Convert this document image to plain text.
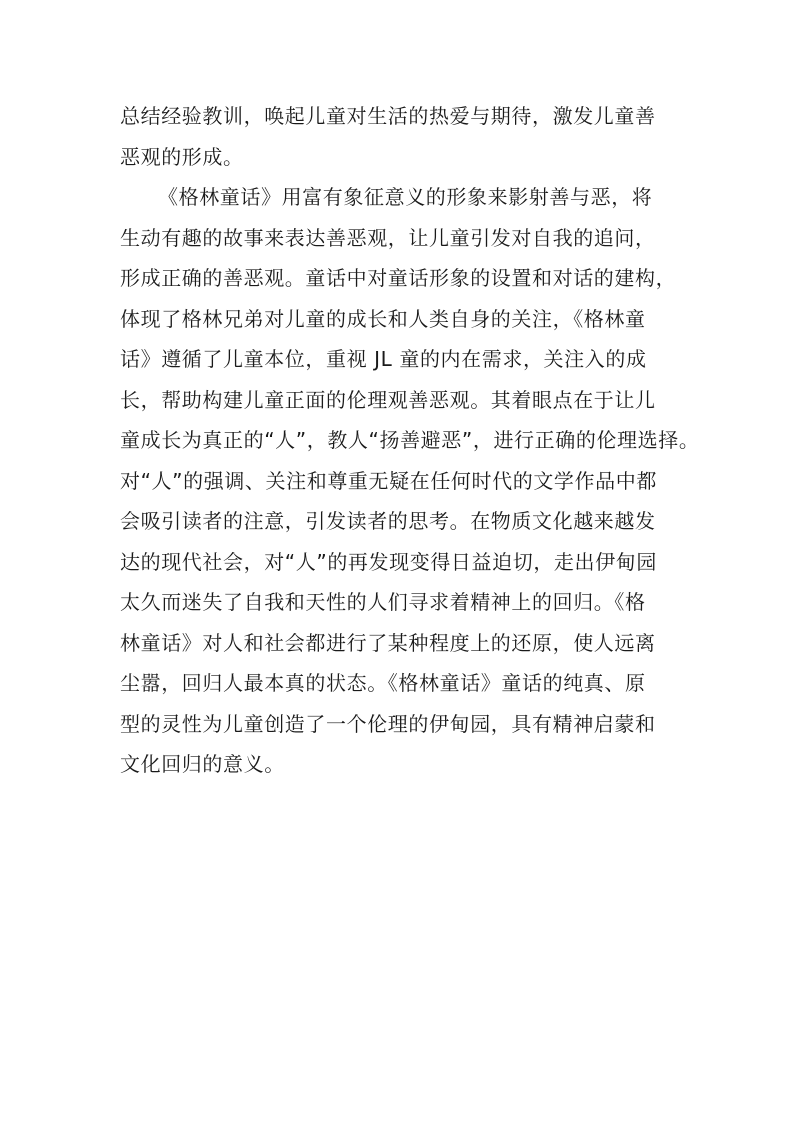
总结经验教训，唤起儿童对生活的热爱与期待，激发儿童善
恶观的形成。
《格林童话》用富有象征意义的形象来影射善与恶，将
生动有趣的故事来表达善恶观，让儿童引发对自我的追问，
形成正确的善恶观。童话中对童话形象的设置和对话的建构，
体现了格林兄弟对儿童的成长和人类自身的关注，《格林童
话》遵循了儿童本位，重视 JL 童的内在需求，关注入的成
长，帮助构建儿童正面的伦理观善恶观。其着眼点在于让儿
童成长为真正的“人”，教人“扬善避恶”，进行正确的伦理选择。
对“人”的强调、关注和尊重无疑在任何时代的文学作品中都
会吸引读者的注意，引发读者的思考。在物质文化越来越发
达的现代社会，对“人”的再发现变得日益迫切，走出伊甸园
太久而迷失了自我和天性的人们寻求着精神上的回归。《格
林童话》对人和社会都进行了某种程度上的还原，使人远离
尘嚣，回归人最本真的状态。《格林童话》童话的纯真、原
型的灵性为儿童创造了一个伦理的伊甸园，具有精神启蒙和
文化回归的意义。
